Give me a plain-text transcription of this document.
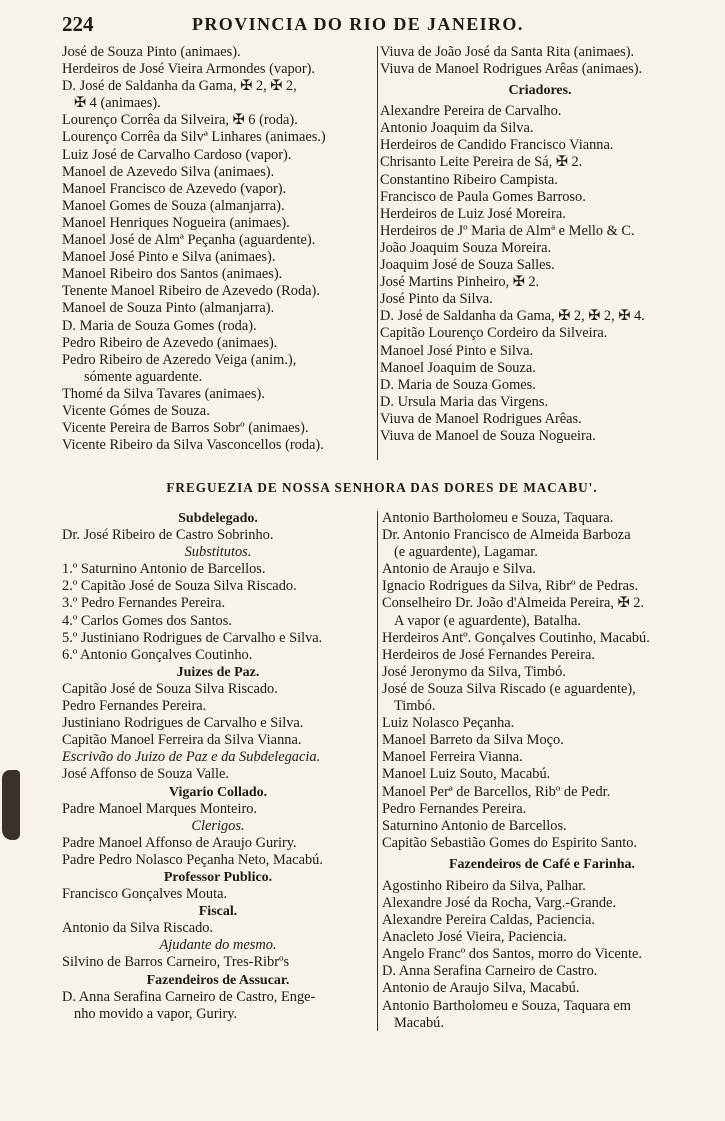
224	PROVINCIA DO RIO DE JANEIRO.
José de Souza Pinto (animaes).
Herdeiros de José Vieira Armondes (vapor).
D. José de Saldanha da Gama, ✠ 2, ✠ 2,
✠ 4 (animaes).
Lourenço Corrêa da Silveira, ✠ 6 (roda).
Lourenço Corrêa da Silvª Linhares (animaes.)
Luiz José de Carvalho Cardoso (vapor).
Manoel de Azevedo Silva (animaes).
Manoel Francisco de Azevedo (vapor).
Manoel Gomes de Souza (almanjarra).
Manoel Henriques Nogueira (animaes).
Manoel José de Almª Peçanha (aguardente).
Manoel José Pinto e Silva (animaes).
Manoel Ribeiro dos Santos (animaes).
Tenente Manoel Ribeiro de Azevedo (Roda).
Manoel de Souza Pinto (almanjarra).
D. Maria de Souza Gomes (roda).
Pedro Ribeiro de Azevedo (animaes).
Pedro Ribeiro de Azeredo Veiga (anim.),
sómente aguardente.
Thomé da Silva Tavares (animaes).
Vicente Gómes de Souza.
Vicente Pereira de Barros Sobrº (animaes).
Vicente Ribeiro da Silva Vasconcellos (roda).
Viuva de João José da Santa Rita (animaes).
Viuva de Manoel Rodrigues Arêas (animaes).
Criadores.
Alexandre Pereira de Carvalho.
Antonio Joaquim da Silva.
Herdeiros de Candido Francisco Vianna.
Chrisanto Leite Pereira de Sá, ✠ 2.
Constantino Ribeiro Campista.
Francisco de Paula Gomes Barroso.
Herdeiros de Luiz José Moreira.
Herdeiros de Jº Maria de Almª e Mello & C.
João Joaquim Souza Moreira.
Joaquim José de Souza Salles.
José Martins Pinheiro, ✠ 2.
José Pinto da Silva.
D. José de Saldanha da Gama, ✠ 2, ✠ 2, ✠ 4.
Capitão Lourenço Cordeiro da Silveira.
Manoel José Pinto e Silva.
Manoel Joaquim de Souza.
D. Maria de Souza Gomes.
D. Ursula Maria das Virgens.
Viuva de Manoel Rodrigues Arêas.
Viuva de Manoel de Souza Nogueira.
FREGUEZIA DE NOSSA SENHORA DAS DORES DE MACABU'.
Subdelegado.
Dr. José Ribeiro de Castro Sobrinho.
Substitutos.
1.º Saturnino Antonio de Barcellos.
2.º Capitão José de Souza Silva Riscado.
3.º Pedro Fernandes Pereira.
4.º Carlos Gomes dos Santos.
5.º Justiniano Rodrigues de Carvalho e Silva.
6.º Antonio Gonçalves Coutinho.
Juizes de Paz.
Capitão José de Souza Silva Riscado.
Pedro Fernandes Pereira.
Justiniano Rodrigues de Carvalho e Silva.
Capitão Manoel Ferreira da Silva Vianna.
Escrivão do Juizo de Paz e da Subdelegacia.
José Affonso de Souza Valle.
Vigario Collado.
Padre Manoel Marques Monteiro.
Clerigos.
Padre Manoel Affonso de Araujo Guriry.
Padre Pedro Nolasco Peçanha Neto, Macabú.
Professor Publico.
Francisco Gonçalves Mouta.
Fiscal.
Antonio da Silva Riscado.
Ajudante do mesmo.
Silvino de Barros Carneiro, Tres-Ribrºs
Fazendeiros de Assucar.
D. Anna Serafina Carneiro de Castro, Enge-
nho movido a vapor, Guriry.
Antonio Bartholomeu e Souza, Taquara.
Dr. Antonio Francisco de Almeida Barboza
(e aguardente), Lagamar.
Antonio de Araujo e Silva.
Ignacio Rodrigues da Silva, Ribrº de Pedras.
Conselheiro Dr. João d'Almeida Pereira, ✠ 2.
A vapor (e aguardente), Batalha.
Herdeiros Antº. Gonçalves Coutinho, Macabú.
Herdeiros de José Fernandes Pereira.
José Jeronymo da Silva, Timbó.
José de Souza Silva Riscado (e aguardente),
Timbó.
Luiz Nolasco Peçanha.
Manoel Barreto da Silva Moço.
Manoel Ferreira Vianna.
Manoel Luiz Souto, Macabú.
Manoel Perª de Barcellos, Ribº de Pedr.
Pedro Fernandes Pereira.
Saturnino Antonio de Barcellos.
Capitão Sebastião Gomes do Espirito Santo.
Fazendeiros de Café e Farinha.
Agostinho Ribeiro da Silva, Palhar.
Alexandre José da Rocha, Varg.-Grande.
Alexandre Pereira Caldas, Paciencia.
Anacleto José Vieira, Paciencia.
Angelo Francº dos Santos, morro do Vicente.
D. Anna Serafina Carneiro de Castro.
Antonio de Araujo Silva, Macabú.
Antonio Bartholomeu e Souza, Taquara em
Macabú.
